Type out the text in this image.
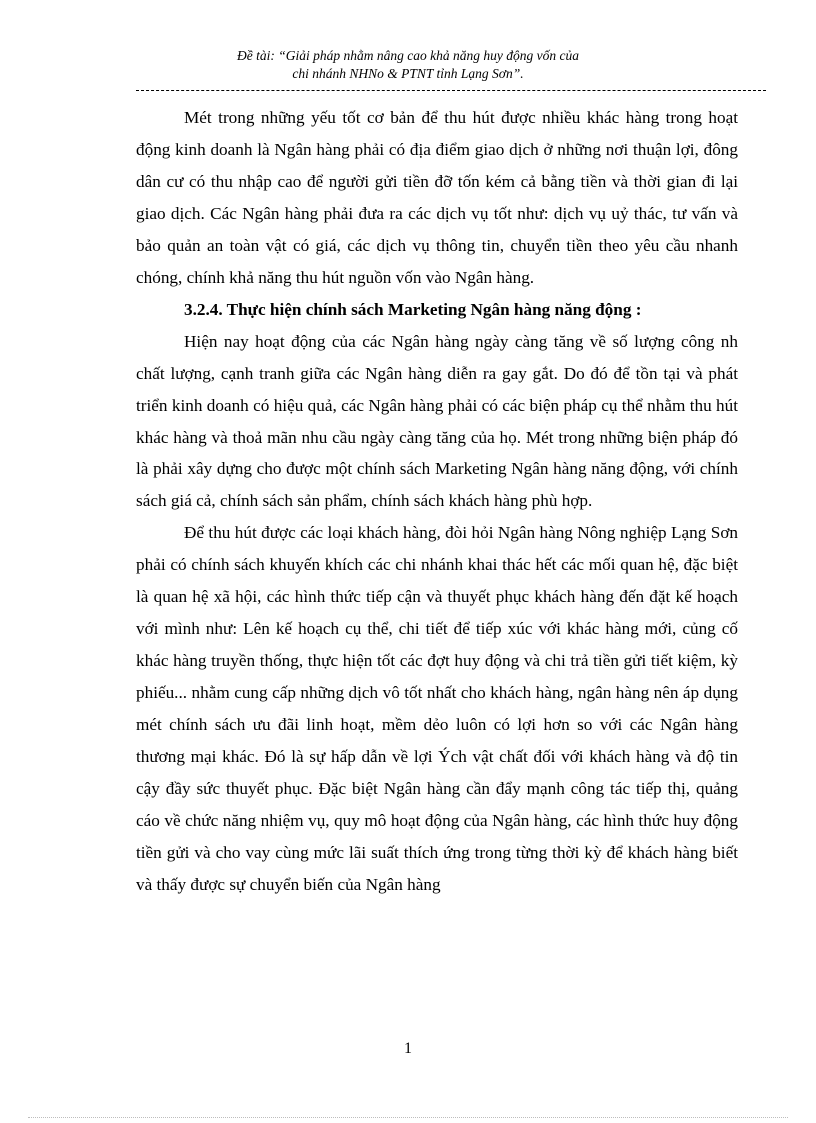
Đề tài: “Giải pháp nhằm nâng cao khả năng huy động vốn của
chi nhánh NHNo & PTNT tỉnh Lạng Sơn”.

Mét trong những yếu tốt cơ bản để thu hút được nhiều khác hàng trong hoạt động kinh doanh là Ngân hàng phải có địa điểm giao dịch ở những nơi thuận lợi, đông dân cư có thu nhập cao để người gửi tiền đỡ tốn kém cả bằng tiền và thời gian đi lại giao dịch. Các Ngân hàng phải đưa ra các dịch vụ tốt như: dịch vụ uỷ thác, tư vấn và bảo quản an toàn vật có giá, các dịch vụ thông tin, chuyển tiền theo yêu cầu nhanh chóng, chính khả năng thu hút nguồn vốn vào Ngân hàng.

3.2.4. Thực hiện chính sách Marketing Ngân hàng năng động :

Hiện nay hoạt động của các Ngân hàng ngày càng tăng về số lượng công nh chất lượng, cạnh tranh giữa các Ngân hàng diễn ra gay gắt. Do đó để tồn tại và phát triển kinh doanh có hiệu quả, các Ngân hàng phải có các biện pháp cụ thể nhằm thu hút khác hàng và thoả mãn nhu cầu ngày càng tăng của họ. Mét trong những biện pháp đó là phải xây dựng cho được một chính sách Marketing Ngân hàng năng động, với chính sách giá cả, chính sách sản phẩm, chính sách khách hàng phù hợp.

Để thu hút được các loại khách hàng, đòi hỏi Ngân hàng Nông nghiệp Lạng Sơn phải có chính sách khuyến khích các chi nhánh khai thác hết các mối quan hệ, đặc biệt là quan hệ xã hội, các hình thức tiếp cận và thuyết phục khách hàng đến đặt kế hoạch với mình như: Lên kế hoạch cụ thể, chi tiết để tiếp xúc với khác hàng mới, củng cố khác hàng truyền thống, thực hiện tốt các đợt huy động và chi trả tiền gửi tiết kiệm, kỳ phiếu... nhằm cung cấp những dịch vô tốt nhất cho khách hàng, ngân hàng nên áp dụng mét chính sách ưu đãi linh hoạt, mềm dẻo luôn có lợi hơn so với các Ngân hàng thương mại khác. Đó là sự hấp dẫn về lợi Ých vật chất đối với khách hàng và độ tin cậy đầy sức thuyết phục. Đặc biệt Ngân hàng cần đẩy mạnh công tác tiếp thị, quảng cáo về chức năng nhiệm vụ, quy mô hoạt động của Ngân hàng, các hình thức huy động tiền gửi và cho vay cùng mức lãi suất thích ứng trong từng thời kỳ để khách hàng biết và thấy được sự chuyển biến của Ngân hàng

1
